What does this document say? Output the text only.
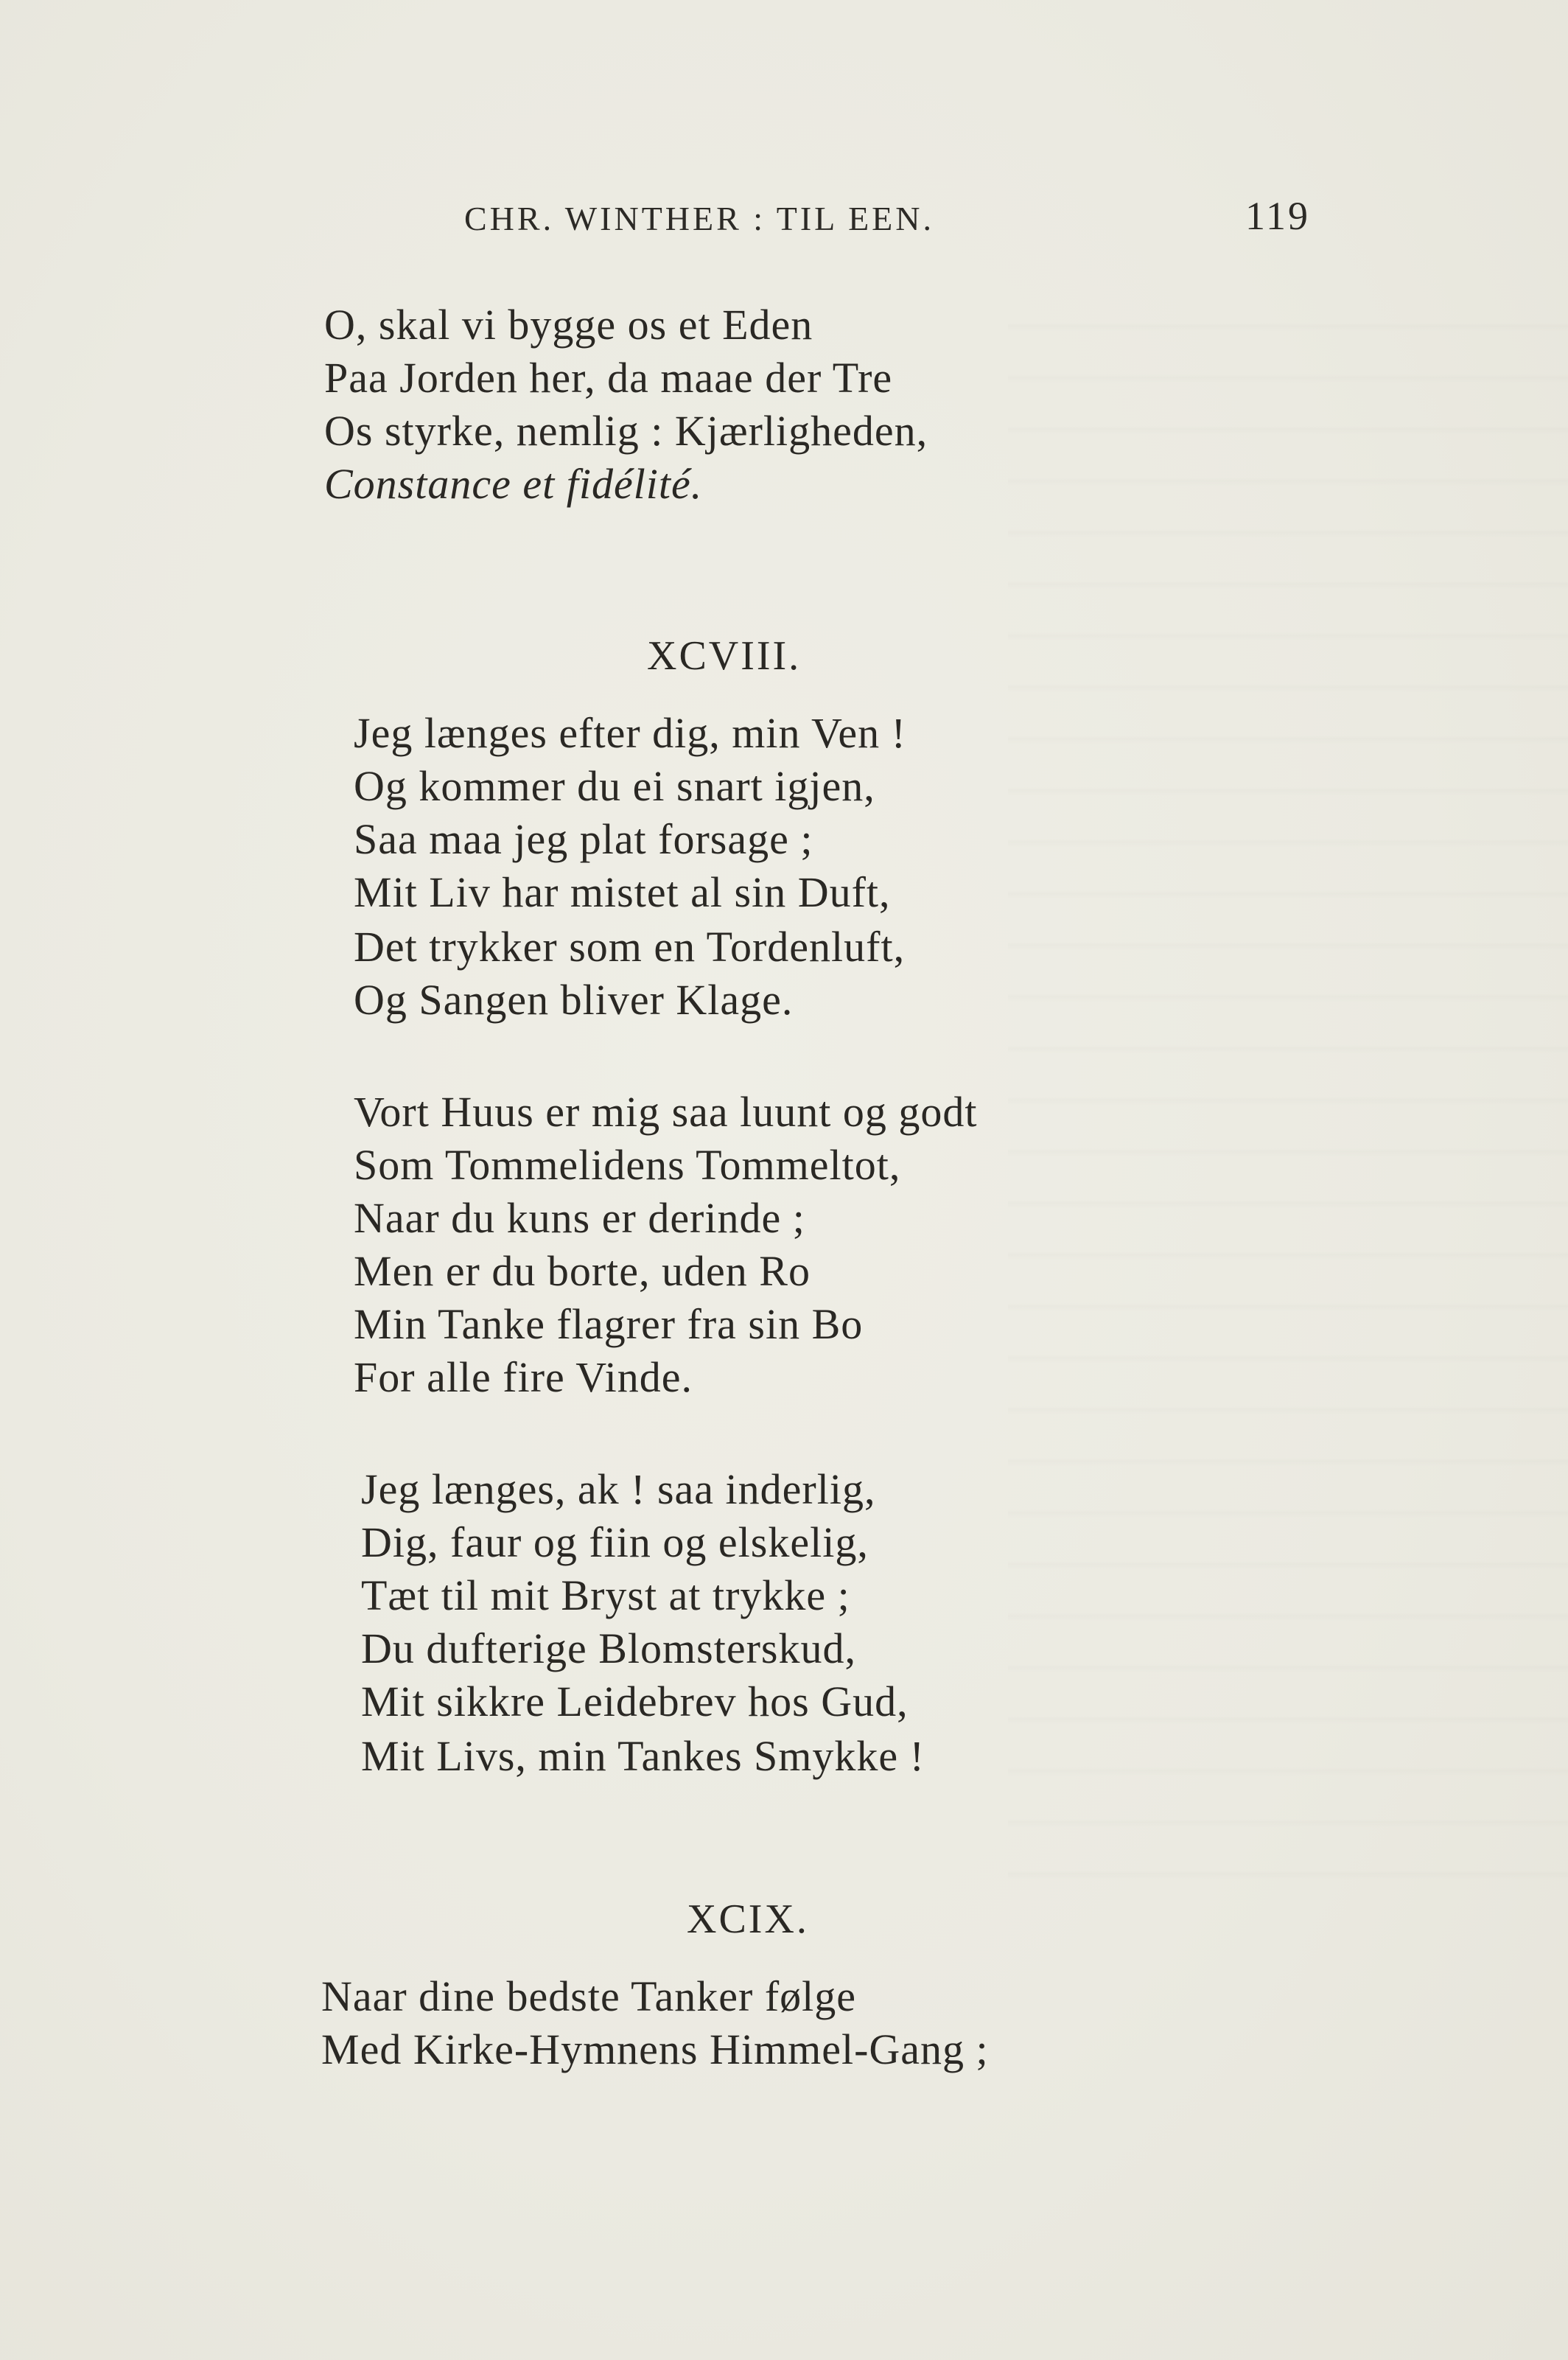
CHR. WINTHER : TIL EEN.	119
O, skal vi bygge os et Eden
Paa Jorden her, da maae der Tre
Os styrke, nemlig : Kjærligheden,
Constance et fidélité.
XCVIII.
Jeg længes efter dig, min Ven !
Og kommer du ei snart igjen,
Saa maa jeg plat forsage ;
Mit Liv har mistet al sin Duft,
Det trykker som en Tordenluft,
Og Sangen bliver Klage.
Vort Huus er mig saa luunt og godt
Som Tommelidens Tommeltot,
Naar du kuns er derinde ;
Men er du borte, uden Ro
Min Tanke flagrer fra sin Bo
For alle fire Vinde.
Jeg længes, ak ! saa inderlig,
Dig, faur og fiin og elskelig,
Tæt til mit Bryst at trykke ;
Du dufterige Blomsterskud,
Mit sikkre Leidebrev hos Gud,
Mit Livs, min Tankes Smykke !
XCIX.
Naar dine bedste Tanker følge
Med Kirke-Hymnens Himmel-Gang ;
